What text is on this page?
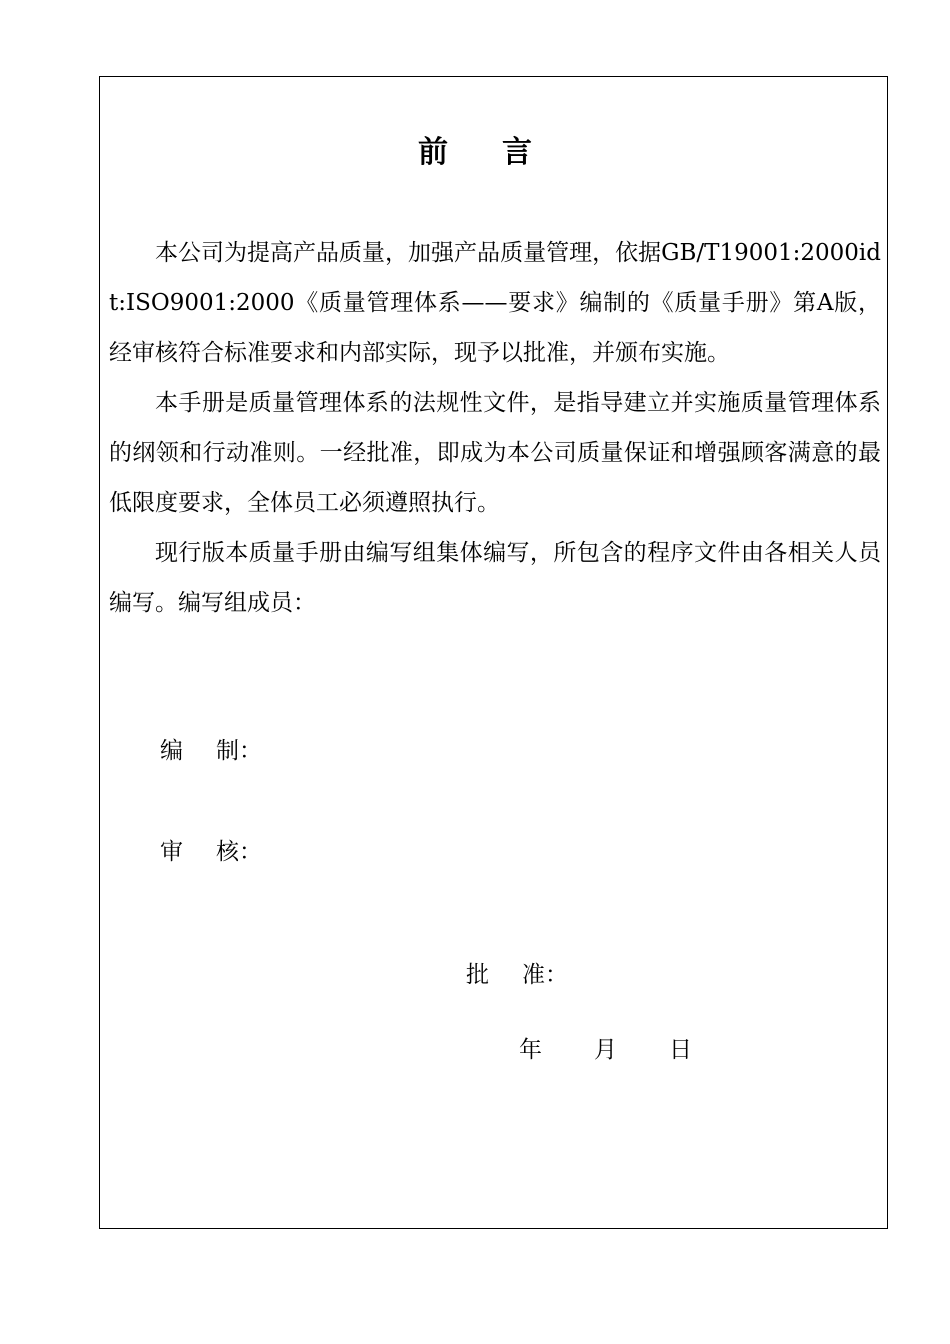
前言

本公司为提高产品质量，加强产品质量管理，依据GB/T19001:2000idt:ISO9001:2000《质量管理体系——要求》编制的《质量手册》第A版，经审核符合标准要求和内部实际，现予以批准，并颁布实施。

本手册是质量管理体系的法规性文件，是指导建立并实施质量管理体系的纲领和行动准则。一经批准，即成为本公司质量保证和增强顾客满意的最低限度要求，全体员工必须遵照执行。

现行版本质量手册由编写组集体编写，所包含的程序文件由各相关人员编写。编写组成员：

编 制：
审 核：
批 准：
年 月 日
